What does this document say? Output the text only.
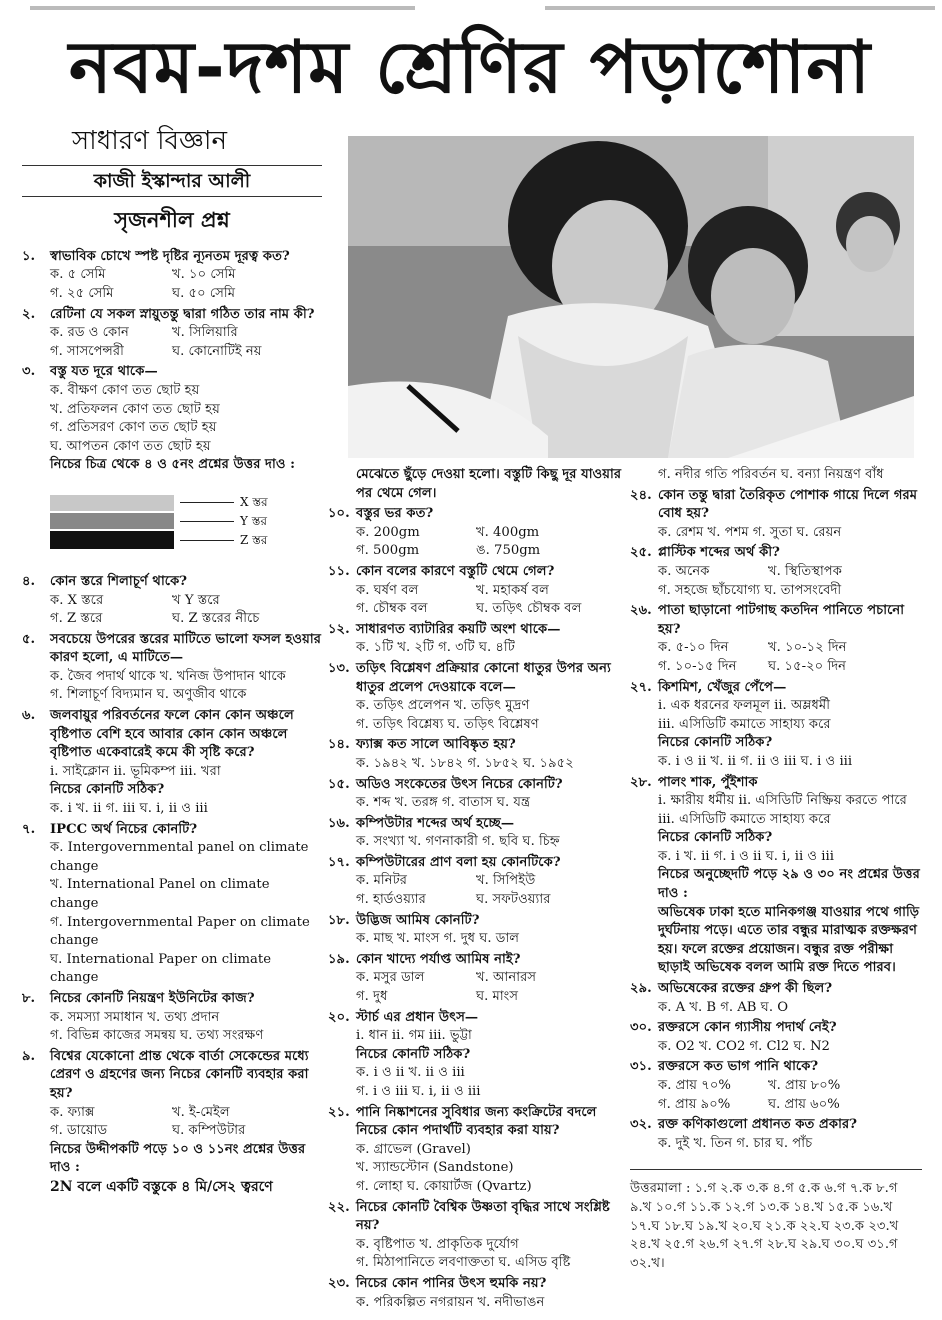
নবম-দশম শ্রেণির পড়াশোনা
সাধারণ বিজ্ঞান
কাজী ইস্কান্দার আলী
সৃজনশীল প্রশ্ন
১.	স্বাভাবিক চোখে স্পষ্ট দৃষ্টির ন্যূনতম দূরত্ব কত?
ক. ৫ সেমি	খ. ১০ সেমি
গ. ২৫ সেমি	ঘ. ৫০ সেমি
২.	রেটিনা যে সকল স্নায়ুতন্তু দ্বারা গঠিত তার নাম কী?
ক. রড ও কোন	খ. সিলিয়ারি
গ. সাসপেন্সরী	ঘ. কোনোটিই নয়
৩.	বস্তু যত দূরে থাকে—
ক. বীক্ষণ কোণ তত ছোট হয়
খ. প্রতিফলন কোণ তত ছোট হয়
গ. প্রতিসরণ কোণ তত ছোট হয়
ঘ. আপতন কোণ তত ছোট হয়
নিচের চিত্র থেকে ৪ ও ৫নং প্রশ্নের উত্তর দাও :
X স্তর
Y স্তর
Z স্তর
৪.	কোন স্তরে শিলাচূর্ণ থাকে?
ক. X স্তরে	খ Y স্তরে
গ. Z স্তরে	ঘ. Z স্তরের নীচে
৫.	সবচেয়ে উপরের স্তরের মাটিতে ভালো ফসল হওয়ার কারণ হলো, এ মাটিতে—
ক. জৈব পদার্থ থাকে খ. খনিজ উপাদান থাকে
গ. শিলাচূর্ণ বিদ্যমান ঘ. অণুজীব থাকে
৬.	জলবায়ুর পরিবর্তনের ফলে কোন কোন অঞ্চলে বৃষ্টিপাত বেশি হবে আবার কোন কোন অঞ্চলে বৃষ্টিপাত একেবারেই কমে কী সৃষ্টি করে?
i. সাইক্লোন ii. ভূমিকম্প iii. খরা
নিচের কোনটি সঠিক?
ক. i খ. ii গ. iii ঘ. i, ii ও iii
৭.	IPCC অর্থ নিচের কোনটি?
ক. Intergovernmental panel on climate change
খ. International Panel on climate change
গ. Intergovernmental Paper on climate change
ঘ. International Paper on climate change
৮.	নিচের কোনটি নিয়ন্ত্রণ ইউনিটের কাজ?
ক. সমস্যা সমাধান খ. তথ্য প্রদান
গ. বিভিন্ন কাজের সমন্বয় ঘ. তথ্য সংরক্ষণ
৯.	বিশ্বের যেকোনো প্রান্ত থেকে বার্তা সেকেন্ডের মধ্যে প্রেরণ ও গ্রহণের জন্য নিচের কোনটি ব্যবহার করা হয়?
ক. ফ্যাক্স	খ. ই-মেইল
গ. ডায়োড	ঘ. কম্পিউটার
নিচের উদ্দীপকটি পড়ে ১০ ও ১১নং প্রশ্নের উত্তর দাও :
2N বলে একটি বস্তুকে ৪ মি/সে২ ত্বরণে
মেঝেতে ছুঁড়ে দেওয়া হলো। বস্তুটি কিছু দূর যাওয়ার পর থেমে গেল।
১০. বস্তুর ভর কত?
ক. 200gm	খ. 400gm
গ. 500gm	ঙ. 750gm
১১. কোন বলের কারণে বস্তুটি থেমে গেল?
ক. ঘর্ষণ বল	খ. মহাকর্ষ বল
গ. চৌম্বক বল	ঘ. তড়িৎ চৌম্বক বল
১২. সাধারণত ব্যাটারির কয়টি অংশ থাকে—
ক. ১টি খ. ২টি গ. ৩টি ঘ. ৪টি
১৩. তড়িৎ বিশ্লেষণ প্রক্রিয়ার কোনো ধাতুর উপর অন্য ধাতুর প্রলেপ দেওয়াকে বলে—
ক. তড়িৎ প্রলেপন খ. তড়িৎ মুদ্রণ
গ. তড়িৎ বিশ্লেষ্য ঘ. তড়িৎ বিশ্লেষণ
১৪. ফ্যাক্স কত সালে আবিষ্কৃত হয়?
ক. ১৯৪২ খ. ১৮৪২ গ. ১৮৫২ ঘ. ১৯৫২
১৫. অডিও সংকেতের উৎস নিচের কোনটি?
ক. শব্দ খ. তরঙ্গ গ. বাতাস ঘ. যন্ত্র
১৬. কম্পিউটার শব্দের অর্থ হচ্ছে—
ক. সংখ্যা খ. গণনাকারী গ. ছবি ঘ. চিহ্ন
১৭. কম্পিউটারের প্রাণ বলা হয় কোনটিকে?
ক. মনিটর	খ. সিপিইউ
গ. হার্ডওয়্যার	ঘ. সফটওয়্যার
১৮. উদ্ভিজ আমিষ কোনটি?
ক. মাছ খ. মাংস গ. দুধ ঘ. ডাল
১৯. কোন খাদ্যে পর্যাপ্ত আমিষ নাই?
ক. মসুর ডাল	খ. আনারস
গ. দুধ	ঘ. মাংস
২০. স্টার্চ এর প্রধান উৎস—
i. ধান ii. গম iii. ভুট্টা
নিচের কোনটি সঠিক?
ক. i ও ii খ. ii ও iii
গ. i ও iii ঘ. i, ii ও iii
২১. পানি নিষ্কাশনের সুবিধার জন্য কংক্রিটের বদলে নিচের কোন পদার্থটি ব্যবহার করা যায়?
ক. গ্রাভেল (Gravel)
খ. স্যান্ডস্টোন (Sandstone)
গ. লোহা ঘ. কোয়ার্টজ (Qvartz)
২২. নিচের কোনটি বৈশ্বিক উষ্ণতা বৃদ্ধির সাথে সংশ্লিষ্ট নয়?
ক. বৃষ্টিপাত খ. প্রাকৃতিক দুর্যোগ
গ. মিঠাপানিতে লবণাক্ততা ঘ. এসিড বৃষ্টি
২৩. নিচের কোন পানির উৎস হুমকি নয়?
ক. পরিকল্পিত নগরায়ন খ. নদীভাঙন
গ. নদীর গতি পরিবর্তন ঘ. বন্যা নিয়ন্ত্রণ বাঁধ
২৪. কোন তন্তু দ্বারা তৈরিকৃত পোশাক গায়ে দিলে গরম বোধ হয়?
ক. রেশম খ. পশম গ. সুতা ঘ. রেয়ন
২৫. প্লাস্টিক শব্দের অর্থ কী?
ক. অনেক	খ. স্থিতিস্থাপক
গ. সহজে ছাঁচযোগ্য ঘ. তাপসংবেদী
২৬. পাতা ছাড়ানো পাটগাছ কতদিন পানিতে পচানো হয়?
ক. ৫-১০ দিন	খ. ১০-১২ দিন
গ. ১০-১৫ দিন ঘ. ১৫-২০ দিন
২৭. কিশমিশ, খেঁজুর পেঁপে—
i. এক ধরনের ফলমূল ii. অম্লধর্মী
iii. এসিডিটি কমাতে সাহায্য করে
নিচের কোনটি সঠিক?
ক. i ও ii খ. ii গ. ii ও iii ঘ. i ও iii
২৮. পালং শাক, পুঁইশাক
i. ক্ষারীয় ধর্মীয় ii. এসিডিটি নিষ্ক্রিয় করতে পারে
iii. এসিডিটি কমাতে সাহায্য করে
নিচের কোনটি সঠিক?
ক. i খ. ii গ. i ও ii ঘ. i, ii ও iii
নিচের অনুচ্ছেদটি পড়ে ২৯ ও ৩০ নং প্রশ্নের উত্তর দাও :
অভিষেক ঢাকা হতে মানিকগঞ্জ যাওয়ার পথে গাড়ি দুর্ঘটনায় পড়ে। এতে তার বন্ধুর মারাত্মক রক্তক্ষরণ হয়। ফলে রক্তের প্রয়োজন। বন্ধুর রক্ত পরীক্ষা ছাড়াই অভিষেক বলল আমি রক্ত দিতে পারব।
২৯. অভিষেকের রক্তের গ্রুপ কী ছিল?
ক. A খ. B গ. AB ঘ. O
৩০. রক্তরসে কোন গ্যাসীয় পদার্থ নেই?
ক. O2 খ. CO2 গ. Cl2 ঘ. N2
৩১. রক্তরসে কত ভাগ পানি থাকে?
ক. প্রায় ৭০%	খ. প্রায় ৮০%
গ. প্রায় ৯০%	ঘ. প্রায় ৬০%
৩২. রক্ত কণিকাগুলো প্রধানত কত প্রকার?
ক. দুই খ. তিন গ. চার ঘ. পাঁচ
উত্তরমালা : ১.গ ২.ক ৩.ক ৪.গ ৫.ক ৬.গ ৭.ক ৮.গ ৯.খ ১০.গ ১১.ক ১২.গ ১৩.ক ১৪.খ ১৫.ক ১৬.খ ১৭.ঘ ১৮.ঘ ১৯.খ ২০.ঘ ২১.ক ২২.ঘ ২৩.ক ২৩.খ ২৪.খ ২৫.গ ২৬.গ ২৭.গ ২৮.ঘ ২৯.ঘ ৩০.ঘ ৩১.গ ৩২.খ।
